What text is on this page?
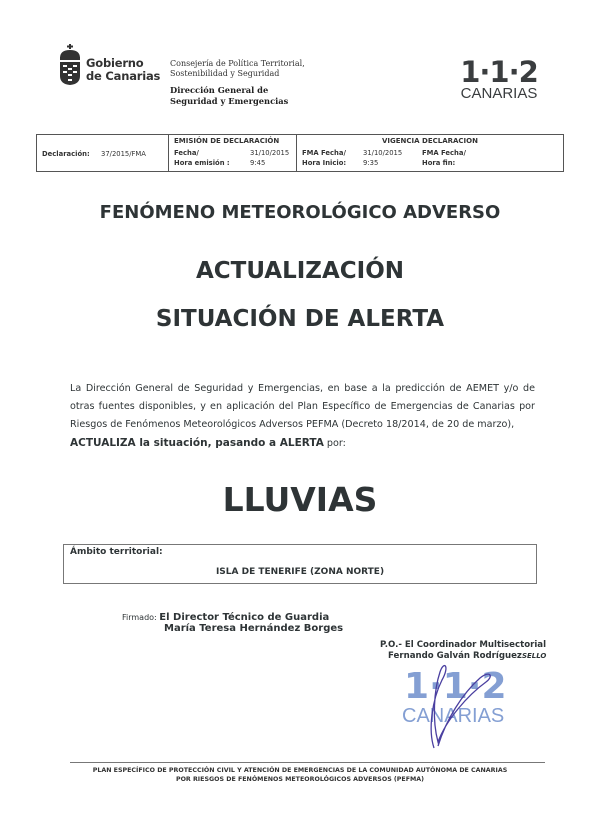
Gobierno
de Canarias
Consejería de Política Territorial,
Sostenibilidad y Seguridad
Dirección General de
Seguridad y Emergencias
1·1·2
CANARIAS
Declaración: 37/2015/FMA
EMISIÓN DE DECLARACIÓN
Fecha/
Hora emisión :
31/10/2015
9:45
VIGENCIA DECLARACION
FMA Fecha/
Hora Inicio:
31/10/2015
9:35
FMA Fecha/
Hora fin:
FENÓMENO METEOROLÓGICO ADVERSO
ACTUALIZACIÓN
SITUACIÓN DE ALERTA
La Dirección General de Seguridad y Emergencias, en base a la predicción de AEMET y/o de otras fuentes disponibles, y en aplicación del Plan Específico de Emergencias de Canarias por Riesgos de Fenómenos Meteorológicos Adversos PEFMA (Decreto 18/2014, de 20 de marzo),
ACTUALIZA la situación, pasando a ALERTA por:
LLUVIAS
Ámbito territorial:
ISLA DE TENERIFE (ZONA NORTE)
Firmado: El Director Técnico de Guardia
María Teresa Hernández Borges
1·1·2
CANARIAS
P.O.- El Coordinador Multisectorial
Fernando Galván RodríguezSELLO
PLAN ESPECÍFICO DE PROTECCIÓN CIVIL Y ATENCIÓN DE EMERGENCIAS DE LA COMUNIDAD AUTÓNOMA DE CANARIAS
POR RIESGOS DE FENÓMENOS METEOROLÓGICOS ADVERSOS (PEFMA)
